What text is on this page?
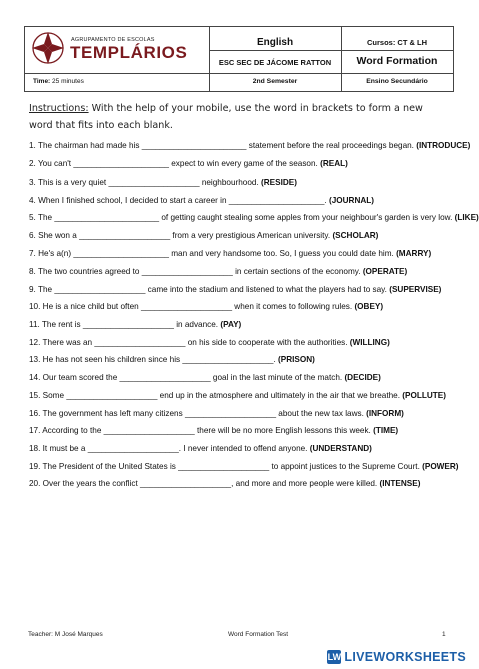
AGRUPAMENTO DE ESCOLAS
TEMPLÁRIOS
Time: 25 minutes
English	Cursos: CT & LH
ESC SEC DE JÁCOME RATTON	Word Formation
2nd Semester	Ensino Secundário
Instructions: With the help of your mobile, use the word in brackets to form a new word that fits into each blank.
1. The chairman had made his _______________________ statement before the real proceedings began. (INTRODUCE)
2. You can't _____________________ expect to win every game of the season. (REAL)
3. This is a very quiet ____________________ neighbourhood. (RESIDE)
4. When I finished school, I decided to start a career in _____________________. (JOURNAL)
5. The _______________________ of getting caught stealing some apples from your neighbour's garden is very low. (LIKE)
6. She won a ____________________ from a very prestigious American university. (SCHOLAR)
7. He's a(n) _____________________ man and very handsome too. So, I guess you could date him. (MARRY)
8. The two countries agreed to ____________________ in certain sections of the economy. (OPERATE)
9. The ____________________ came into the stadium and listened to what the players had to say. (SUPERVISE)
10. He is a nice child but often ____________________ when it comes to following rules. (OBEY)
11. The rent is ____________________ in advance. (PAY)
12. There was an ____________________ on his side to cooperate with the authorities. (WILLING)
13. He has not seen his children since his ____________________. (PRISON)
14. Our team scored the ____________________ goal in the last minute of the match. (DECIDE)
15. Some ____________________ end up in the atmosphere and ultimately in the air that we breathe. (POLLUTE)
16. The government has left many citizens ____________________ about the new tax laws. (INFORM)
17. According to the ____________________ there will be no more English lessons this week. (TIME)
18. It must be a ____________________. I never intended to offend anyone. (UNDERSTAND)
19. The President of the United States is ____________________ to appoint justices to the Supreme Court. (POWER)
20. Over the years the conflict ____________________, and more and more people were killed. (INTENSE)
Teacher: M José Marques	Word Formation Test	1
LW LIVEWORKSHEETS
